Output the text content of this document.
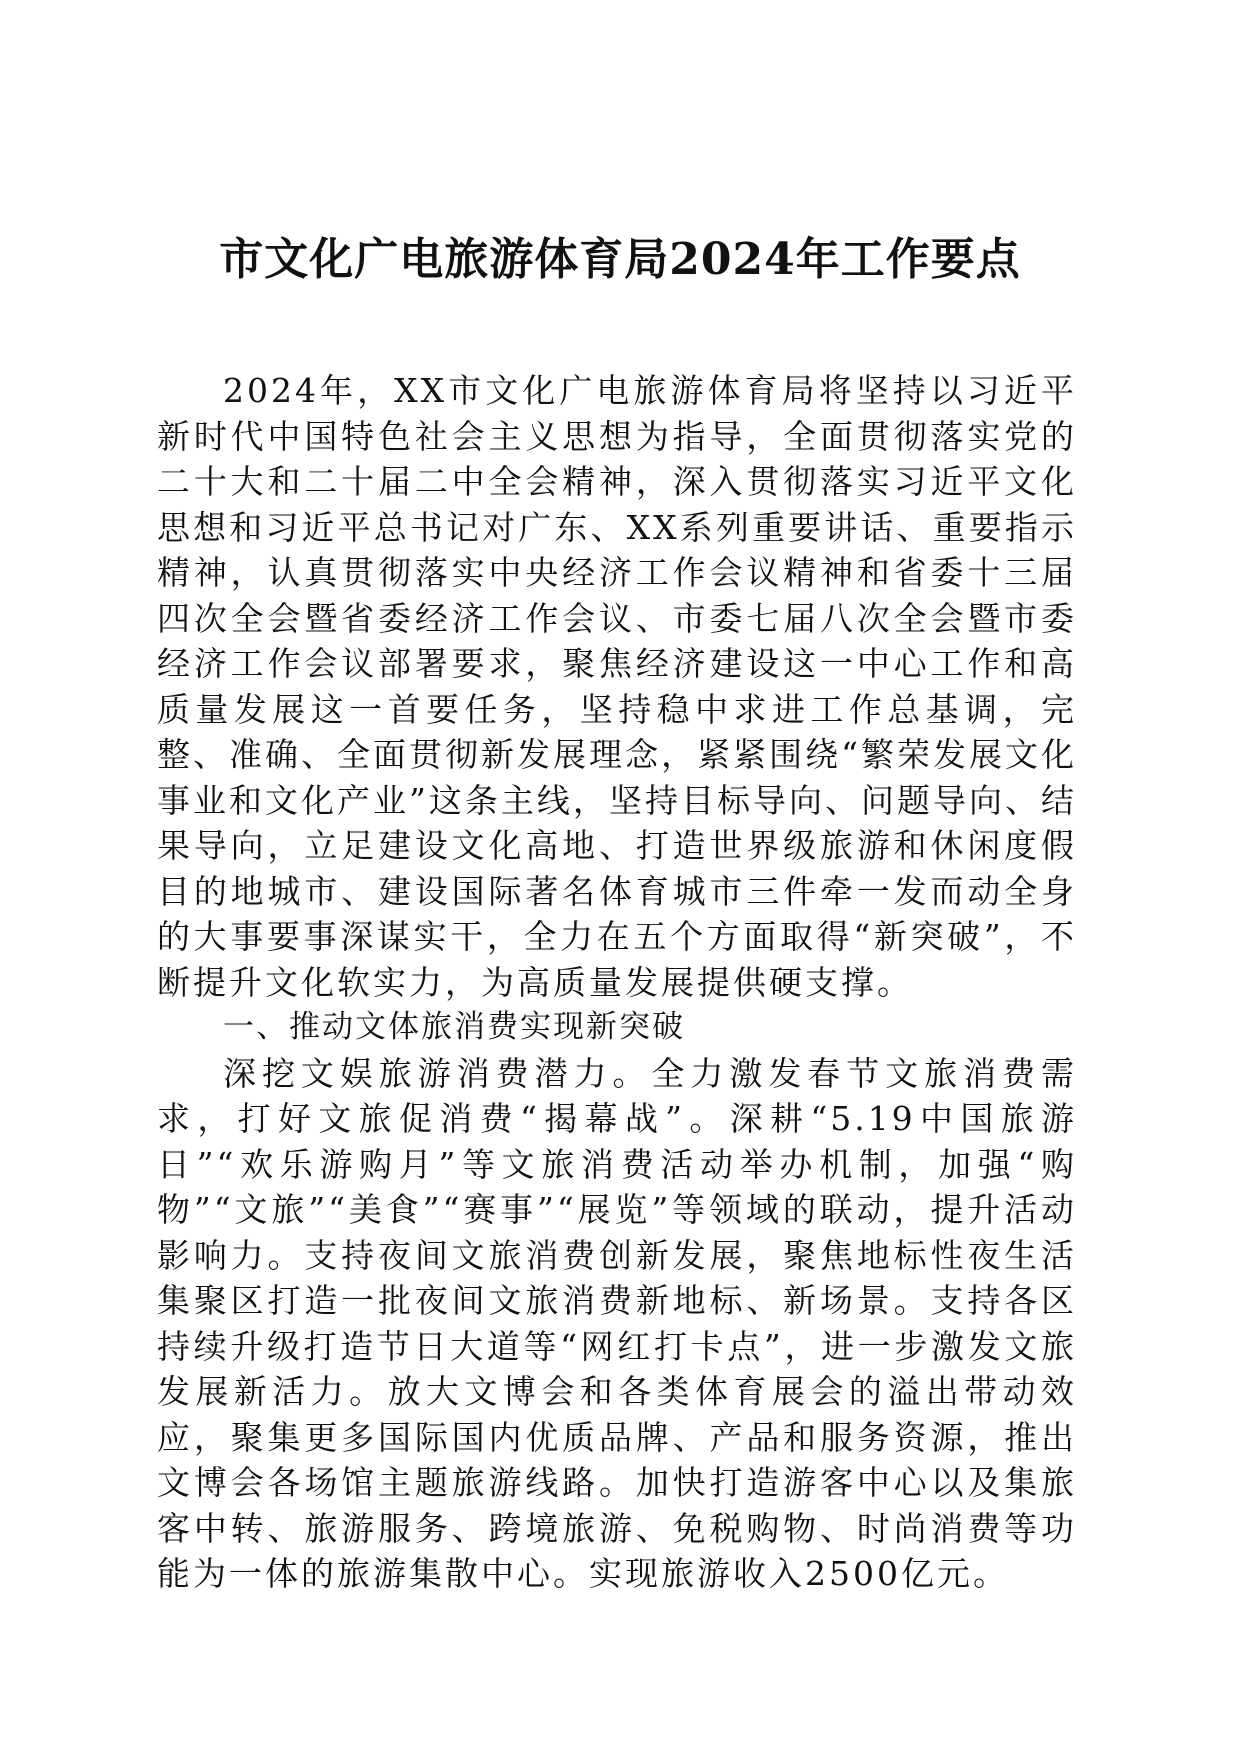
市文化广电旅游体育局2024年工作要点

2024年，XX市文化广电旅游体育局将坚持以习近平新时代中国特色社会主义思想为指导，全面贯彻落实党的二十大和二十届二中全会精神，深入贯彻落实习近平文化思想和习近平总书记对广东、XX系列重要讲话、重要指示精神，认真贯彻落实中央经济工作会议精神和省委十三届四次全会暨省委经济工作会议、市委七届八次全会暨市委经济工作会议部署要求，聚焦经济建设这一中心工作和高质量发展这一首要任务，坚持稳中求进工作总基调，完整、准确、全面贯彻新发展理念，紧紧围绕“繁荣发展文化事业和文化产业”这条主线，坚持目标导向、问题导向、结果导向，立足建设文化高地、打造世界级旅游和休闲度假目的地城市、建设国际著名体育城市三件牵一发而动全身的大事要事深谋实干，全力在五个方面取得“新突破”，不断提升文化软实力，为高质量发展提供硬支撑。

一、推动文体旅消费实现新突破

深挖文娱旅游消费潜力。全力激发春节文旅消费需求，打好文旅促消费“揭幕战”。深耕“5.19中国旅游日”“欢乐游购月”等文旅消费活动举办机制，加强“购物”“文旅”“美食”“赛事”“展览”等领域的联动，提升活动影响力。支持夜间文旅消费创新发展，聚焦地标性夜生活集聚区打造一批夜间文旅消费新地标、新场景。支持各区持续升级打造节日大道等“网红打卡点”，进一步激发文旅发展新活力。放大文博会和各类体育展会的溢出带动效应，聚集更多国际国内优质品牌、产品和服务资源，推出文博会各场馆主题旅游线路。加快打造游客中心以及集旅客中转、旅游服务、跨境旅游、免税购物、时尚消费等功能为一体的旅游集散中心。实现旅游收入2500亿元。
